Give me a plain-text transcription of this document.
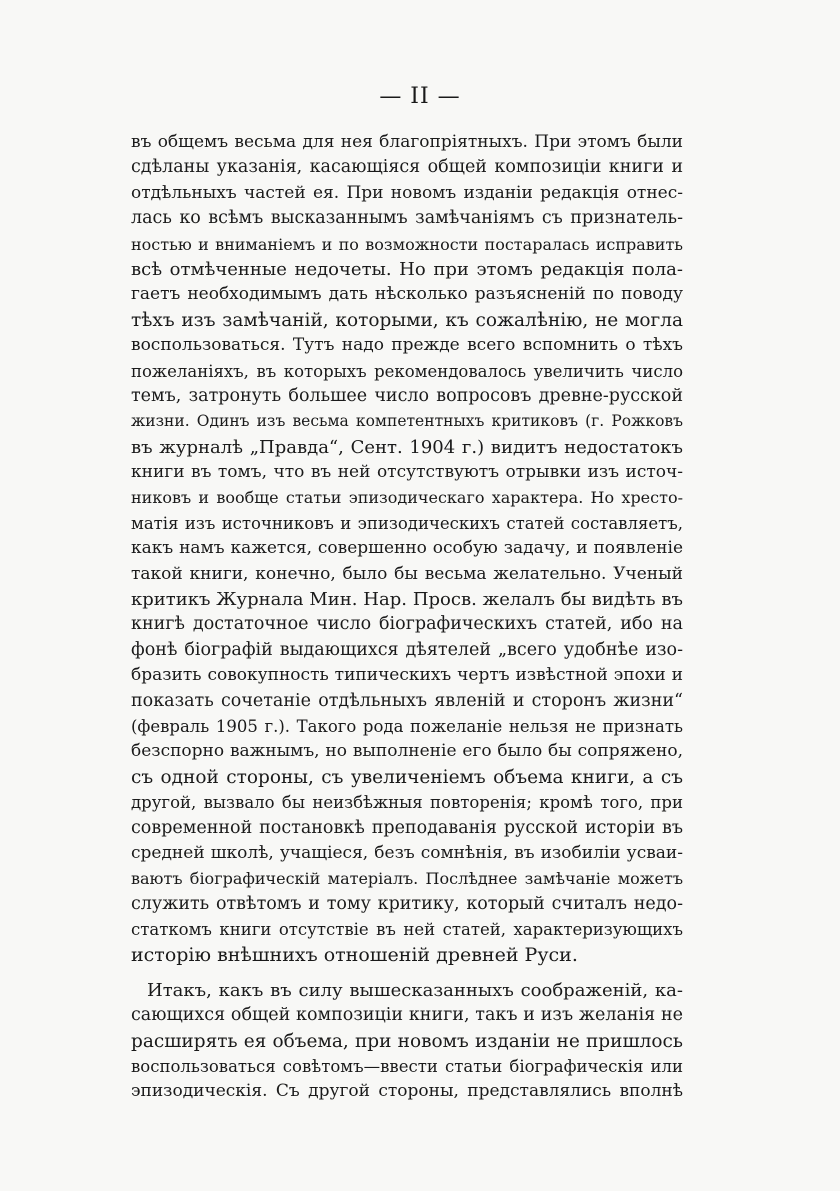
— II —
въ общемъ весьма для нея благопріятныхъ. При этомъ были
сдѣланы указанія, касающіяся общей композиціи книги и
отдѣльныхъ частей ея. При новомъ изданіи редакція отнес-
лась ко всѣмъ высказаннымъ замѣчаніямъ съ признатель-
ностью и вниманіемъ и по возможности постаралась исправить
всѣ отмѣченные недочеты. Но при этомъ редакція пола-
гаетъ необходимымъ дать нѣсколько разъясненій по поводу
тѣхъ изъ замѣчаній, которыми, къ сожалѣнію, не могла
воспользоваться. Тутъ надо прежде всего вспомнить о тѣхъ
пожеланіяхъ, въ которыхъ рекомендовалось увеличить число
темъ, затронуть большее число вопросовъ древне-русской
жизни. Одинъ изъ весьма компетентныхъ критиковъ (г. Рожковъ
въ журналѣ „Правда“, Сент. 1904 г.) видитъ недостатокъ
книги въ томъ, что въ ней отсутствуютъ отрывки изъ источ-
никовъ и вообще статьи эпизодическаго характера. Но хресто-
матія изъ источниковъ и эпизодическихъ статей составляетъ,
какъ намъ кажется, совершенно особую задачу, и появленіе
такой книги, конечно, было бы весьма желательно. Ученый
критикъ Журнала Мин. Нар. Просв. желалъ бы видѣть въ
книгѣ достаточное число біографическихъ статей, ибо на
фонѣ біографій выдающихся дѣятелей „всего удобнѣе изо-
бразить совокупность типическихъ чертъ извѣстной эпохи и
показать сочетаніе отдѣльныхъ явленій и сторонъ жизни“
(февраль 1905 г.). Такого рода пожеланіе нельзя не признать
безспорно важнымъ, но выполненіе его было бы сопряжено,
съ одной стороны, съ увеличеніемъ объема книги, а съ
другой, вызвало бы неизбѣжныя повторенія; кромѣ того, при
современной постановкѣ преподаванія русской исторіи въ
средней школѣ, учащіеся, безъ сомнѣнія, въ изобиліи усваи-
ваютъ біографическій матеріалъ. Послѣднее замѣчаніе можетъ
служить отвѣтомъ и тому критику, который считалъ недо-
статкомъ книги отсутствіе въ ней статей, характеризующихъ
исторію внѣшнихъ отношеній древней Руси.
Итакъ, какъ въ силу вышесказанныхъ соображеній, ка-
сающихся общей композиціи книги, такъ и изъ желанія не
расширять ея объема, при новомъ изданіи не пришлось
воспользоваться совѣтомъ—ввести статьи біографическія или
эпизодическія. Съ другой стороны, представлялись вполнѣ
